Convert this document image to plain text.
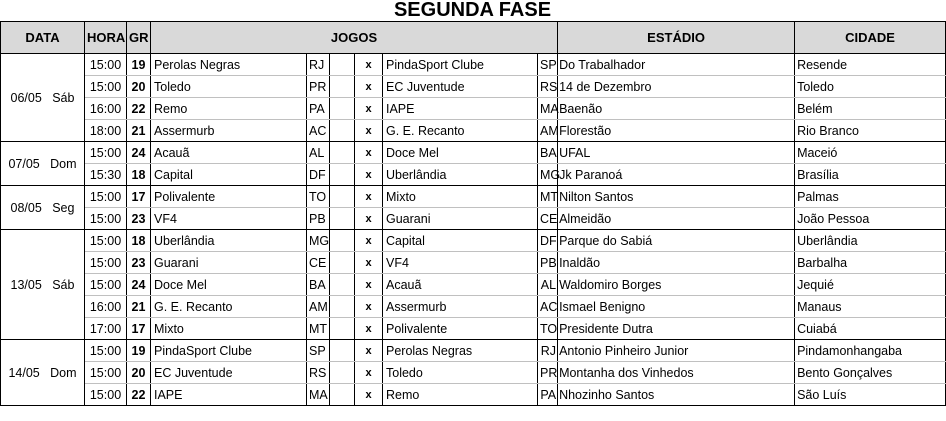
SEGUNDA FASE
DATA	HORA	GR	JOGOS						ESTÁDIO	CIDADE
06/05 Sáb	15:00	19	Perolas Negras	RJ		x	PindaSport Clube	SP	Do Trabalhador	Resende
	15:00	20	Toledo	PR		x	EC Juventude	RS	14 de Dezembro	Toledo
	16:00	22	Remo	PA		x	IAPE	MA	Baenão	Belém
	18:00	21	Assermurb	AC		x	G. E. Recanto	AM	Florestão	Rio Branco
07/05 Dom	15:00	24	Acauã	AL		x	Doce Mel	BA	UFAL	Maceió
	15:30	18	Capital	DF		x	Uberlândia	MG	Jk Paranoá	Brasília
08/05 Seg	15:00	17	Polivalente	TO		x	Mixto	MT	Nilton Santos	Palmas
	15:00	23	VF4	PB		x	Guarani	CE	Almeidão	João Pessoa
13/05 Sáb	15:00	18	Uberlândia	MG		x	Capital	DF	Parque do Sabiá	Uberlândia
	15:00	23	Guarani	CE		x	VF4	PB	Inaldão	Barbalha
	15:00	24	Doce Mel	BA		x	Acauã	AL	Waldomiro Borges	Jequié
	16:00	21	G. E. Recanto	AM		x	Assermurb	AC	Ismael Benigno	Manaus
	17:00	17	Mixto	MT		x	Polivalente	TO	Presidente Dutra	Cuiabá
14/05 Dom	15:00	19	PindaSport Clube	SP		x	Perolas Negras	RJ	Antonio Pinheiro Junior	Pindamonhangaba
	15:00	20	EC Juventude	RS		x	Toledo	PR	Montanha dos Vinhedos	Bento Gonçalves
	15:00	22	IAPE	MA		x	Remo	PA	Nhozinho Santos	São Luís
